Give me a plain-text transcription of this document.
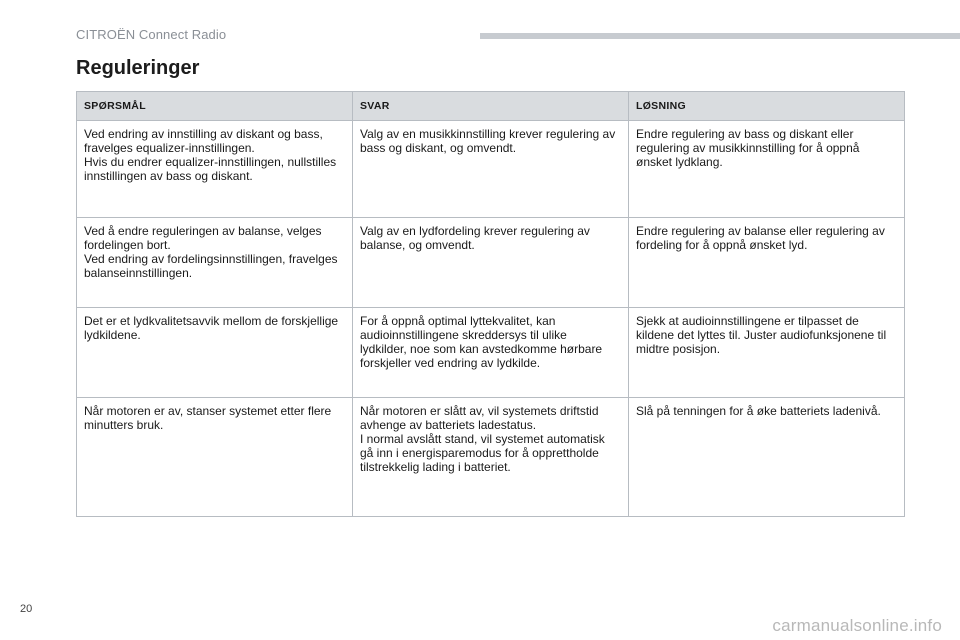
CITROËN Connect Radio
Reguleringer
SPØRSMÅL	SVAR	LØSNING

Ved endring av innstilling av diskant og bass,
fravelges equalizer-innstillingen.
Hvis du endrer equalizer-innstillingen, nullstilles
innstillingen av bass og diskant.	Valg av en musikkinnstilling krever regulering av
bass og diskant, og omvendt.	Endre regulering av bass og diskant eller
regulering av musikkinnstilling for å oppnå
ønsket lydklang.

Ved å endre reguleringen av balanse, velges
fordelingen bort.
Ved endring av fordelingsinnstillingen, fravelges
balanseinnstillingen.	Valg av en lydfordeling krever regulering av
balanse, og omvendt.	Endre regulering av balanse eller regulering av
fordeling for å oppnå ønsket lyd.

Det er et lydkvalitetsavvik mellom de forskjellige
lydkildene.	For å oppnå optimal lyttekvalitet, kan
audioinnstillingene skreddersys til ulike
lydkilder, noe som kan avstedkomme hørbare
forskjeller ved endring av lydkilde.	Sjekk at audioinnstillingene er tilpasset de
kildene det lyttes til. Juster audiofunksjonene til
midtre posisjon.

Når motoren er av, stanser systemet etter flere
minutters bruk.	Når motoren er slått av, vil systemets driftstid
avhenge av batteriets ladestatus.
I normal avslått stand, vil systemet automatisk
gå inn i energisparemodus for å opprettholde
tilstrekkelig lading i batteriet.	Slå på tenningen for å øke batteriets ladenivå.
20
carmanualsonline.info
